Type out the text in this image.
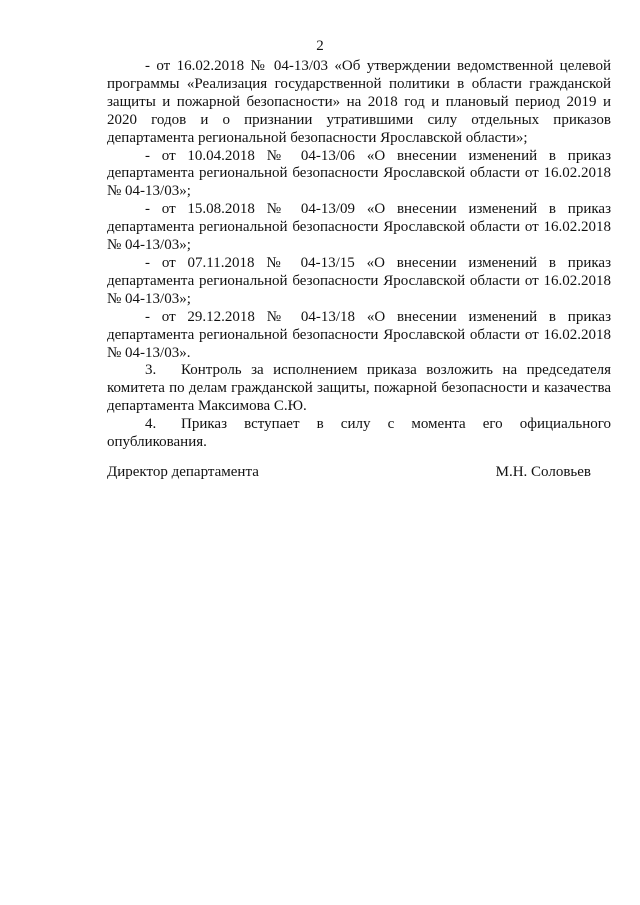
2

- от 16.02.2018 № 04-13/03 «Об утверждении ведомственной целевой программы «Реализация государственной политики в области гражданской защиты и пожарной безопасности» на 2018 год и плановый период 2019 и 2020 годов и о признании утратившими силу отдельных приказов департамента региональной безопасности Ярославской области»;

- от 10.04.2018 № 04-13/06 «О внесении изменений в приказ департамента региональной безопасности Ярославской области от 16.02.2018 № 04-13/03»;

- от 15.08.2018 № 04-13/09 «О внесении изменений в приказ департамента региональной безопасности Ярославской области от 16.02.2018 № 04-13/03»;

- от 07.11.2018 № 04-13/15 «О внесении изменений в приказ департамента региональной безопасности Ярославской области от 16.02.2018 № 04-13/03»;

- от 29.12.2018 № 04-13/18 «О внесении изменений в приказ департамента региональной безопасности Ярославской области от 16.02.2018 № 04-13/03».

3. Контроль за исполнением приказа возложить на председателя комитета по делам гражданской защиты, пожарной безопасности и казачества департамента Максимова С.Ю.

4. Приказ вступает в силу с момента его официального опубликования.

Директор департамента	М.Н. Соловьев
